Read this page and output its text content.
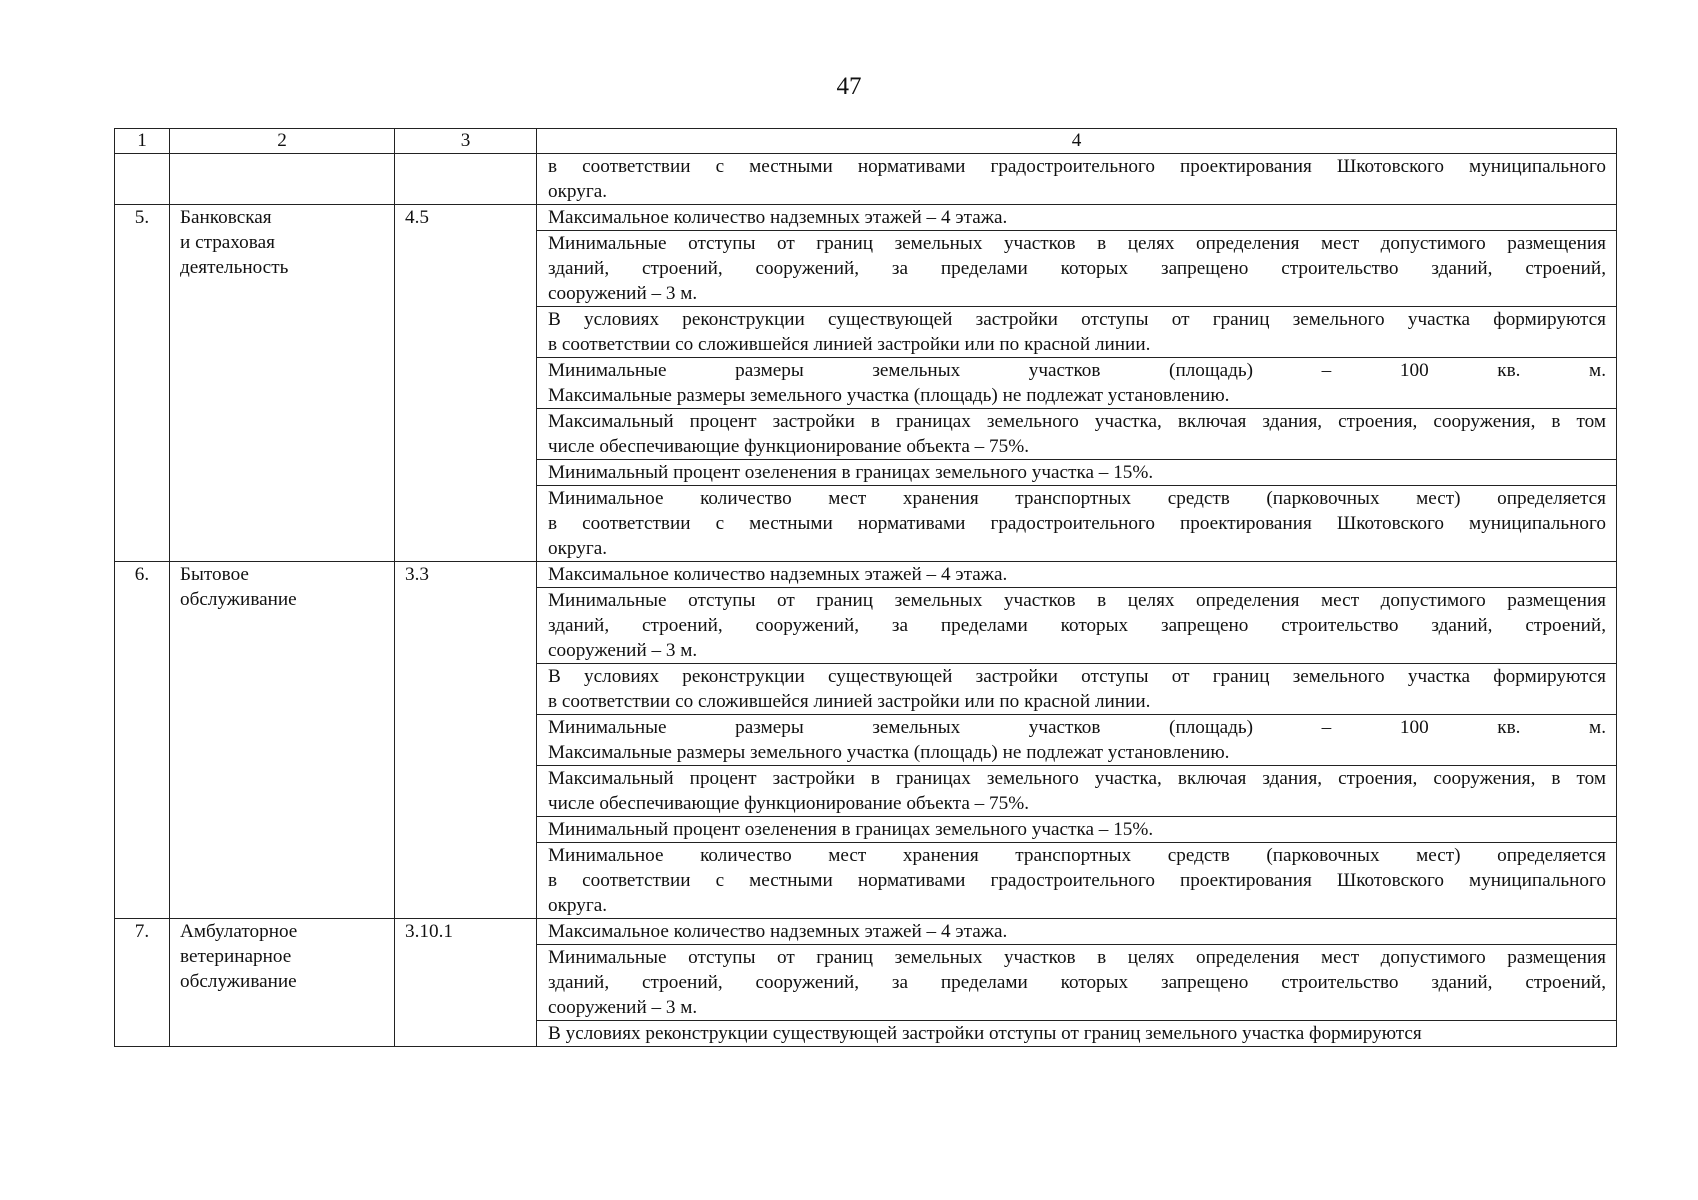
47
1	2	3	4

			в соответствии с местными нормативами градостроительного проектирования Шкотовского муниципального
округа.

5.	Банковская
и страховая
деятельность	4.5	Максимальное количество надземных этажей – 4 этажа.

			Минимальные отступы от границ земельных участков в целях определения мест допустимого размещения
зданий, строений, сооружений, за пределами которых запрещено строительство зданий, строений,
сооружений – 3 м.

			В условиях реконструкции существующей застройки отступы от границ земельного участка формируются
в соответствии со сложившейся линией застройки или по красной линии.

			Минимальные размеры земельных участков (площадь) – 100 кв. м.
Максимальные размеры земельного участка (площадь) не подлежат установлению.

			Максимальный процент застройки в границах земельного участка, включая здания, строения, сооружения, в том
числе обеспечивающие функционирование объекта – 75%.

			Минимальный процент озеленения в границах земельного участка – 15%.

			Минимальное количество мест хранения транспортных средств (парковочных мест) определяется
в соответствии с местными нормативами градостроительного проектирования Шкотовского муниципального
округа.

6.	Бытовое
обслуживание	3.3	Максимальное количество надземных этажей – 4 этажа.

			Минимальные отступы от границ земельных участков в целях определения мест допустимого размещения
зданий, строений, сооружений, за пределами которых запрещено строительство зданий, строений,
сооружений – 3 м.

			В условиях реконструкции существующей застройки отступы от границ земельного участка формируются
в соответствии со сложившейся линией застройки или по красной линии.

			Минимальные размеры земельных участков (площадь) – 100 кв. м.
Максимальные размеры земельного участка (площадь) не подлежат установлению.

			Максимальный процент застройки в границах земельного участка, включая здания, строения, сооружения, в том
числе обеспечивающие функционирование объекта – 75%.

			Минимальный процент озеленения в границах земельного участка – 15%.

			Минимальное количество мест хранения транспортных средств (парковочных мест) определяется
в соответствии с местными нормативами градостроительного проектирования Шкотовского муниципального
округа.

7.	Амбулаторное
ветеринарное
обслуживание	3.10.1	Максимальное количество надземных этажей – 4 этажа.

			Минимальные отступы от границ земельных участков в целях определения мест допустимого размещения
зданий, строений, сооружений, за пределами которых запрещено строительство зданий, строений,
сооружений – 3 м.

			В условиях реконструкции существующей застройки отступы от границ земельного участка формируются
